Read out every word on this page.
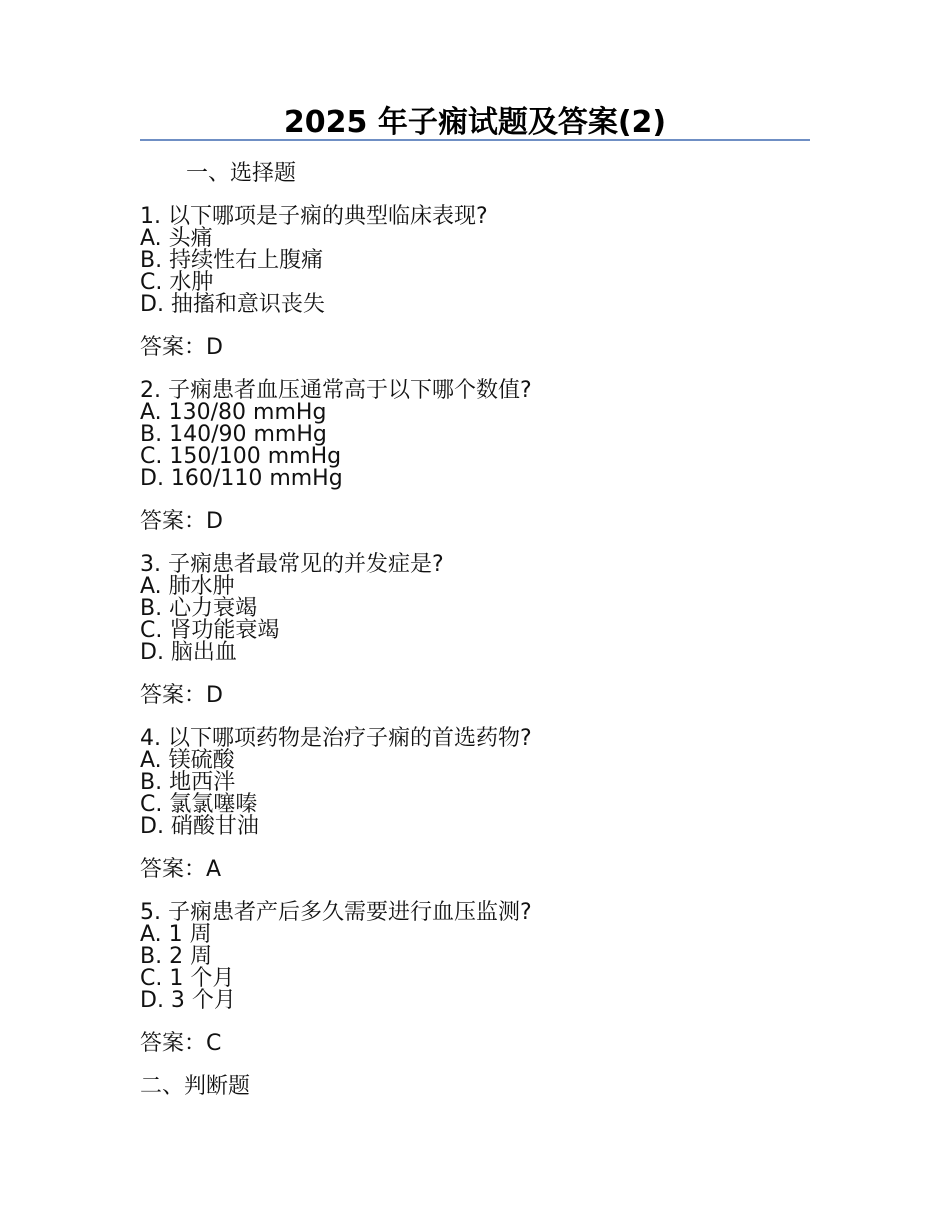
2025 年子痫试题及答案(2)
一、选择题
1. 以下哪项是子痫的典型临床表现?
A. 头痛
B. 持续性右上腹痛
C. 水肿
D. 抽搐和意识丧失
答案：D
2. 子痫患者血压通常高于以下哪个数值?
A. 130/80 mmHg
B. 140/90 mmHg
C. 150/100 mmHg
D. 160/110 mmHg
答案：D
3. 子痫患者最常见的并发症是?
A. 肺水肿
B. 心力衰竭
C. 肾功能衰竭
D. 脑出血
答案：D
4. 以下哪项药物是治疗子痫的首选药物?
A. 镁硫酸
B. 地西泮
C. 氯氯噻嗪
D. 硝酸甘油
答案：A
5. 子痫患者产后多久需要进行血压监测?
A. 1 周
B. 2 周
C. 1 个月
D. 3 个月
答案：C
二、判断题
